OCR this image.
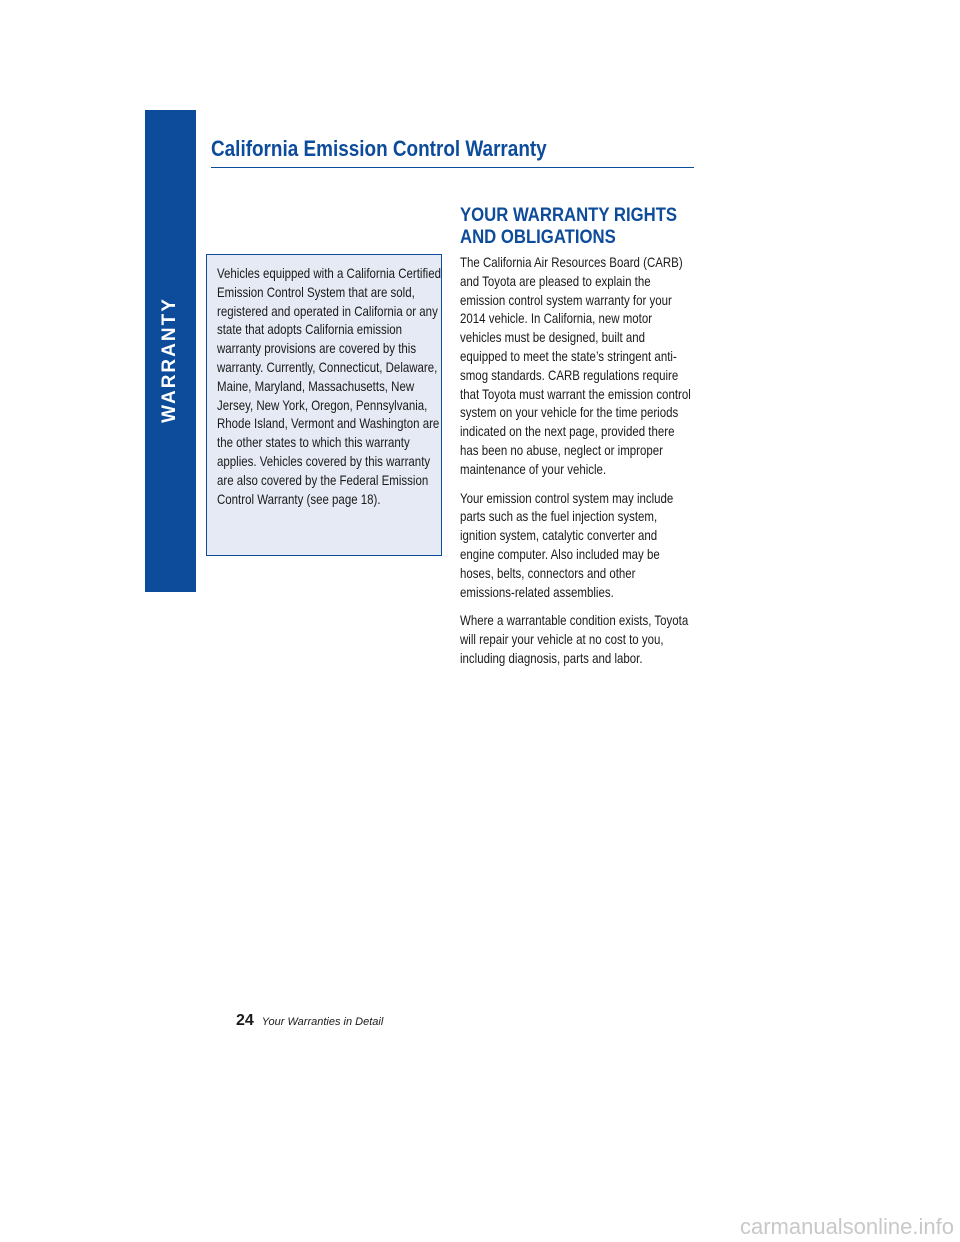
WARRANTY
California Emission Control Warranty

Vehicles equipped with a California Certified Emission Control System that are sold, registered and operated in California or any state that adopts California emission warranty provisions are covered by this warranty. Currently, Connecticut, Delaware, Maine, Maryland, Massachusetts, New Jersey, New York, Oregon, Pennsylvania, Rhode Island, Vermont and Washington are the other states to which this warranty applies. Vehicles covered by this warranty are also covered by the Federal Emission Control Warranty (see page 18).

YOUR WARRANTY RIGHTS AND OBLIGATIONS

The California Air Resources Board (CARB) and Toyota are pleased to explain the emission control system warranty for your 2014 vehicle. In California, new motor vehicles must be designed, built and equipped to meet the state’s stringent anti-smog standards. CARB regulations require that Toyota must warrant the emission control system on your vehicle for the time periods indicated on the next page, provided there has been no abuse, neglect or improper maintenance of your vehicle.

Your emission control system may include parts such as the fuel injection system, ignition system, catalytic converter and engine computer. Also included may be hoses, belts, connectors and other emissions-related assemblies.

Where a warrantable condition exists, Toyota will repair your vehicle at no cost to you, including diagnosis, parts and labor.

24 Your Warranties in Detail
carmanualsonline.info
